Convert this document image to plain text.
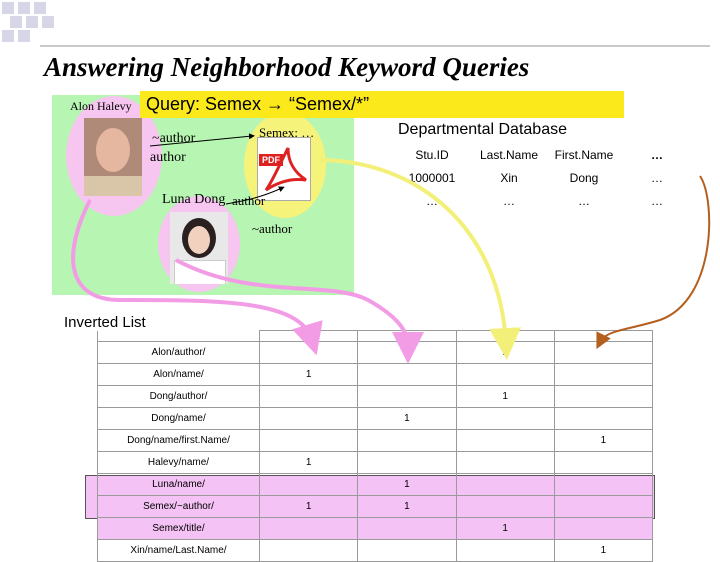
Answering Neighborhood Keyword Queries
PDF
Alon Halevy
Semex: …
~author
author
Luna Dong author
~author
Query: Semex → “Semex/*”
Departmental Database
Stu.ID	Last.Name	First.Name	…
1000001	Xin	Dong	…
…	…	…	…
Inverted List

Alon/author/			1	
Alon/name/	1			
Dong/author/			1	
Dong/name/		1		
Dong/name/first.Name/				1
Halevy/name/	1			
Luna/name/		1		
Semex/~author/	1	1		
Semex/title/			1	
Xin/name/Last.Name/				1
